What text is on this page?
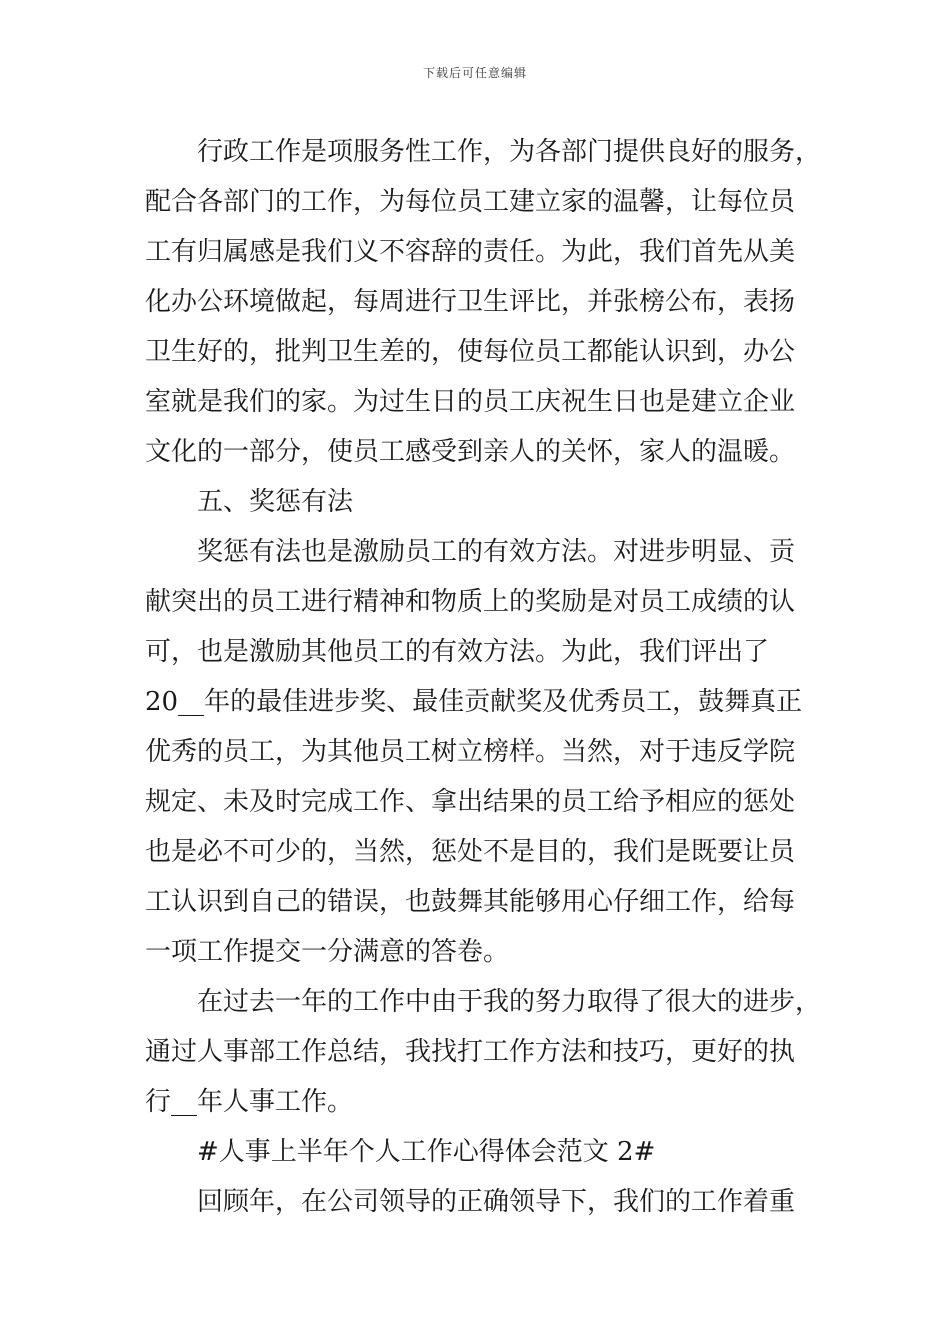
下载后可任意编辑
行政工作是项服务性工作，为各部门提供良好的服务，
配合各部门的工作，为每位员工建立家的温馨，让每位员
工有归属感是我们义不容辞的责任。为此，我们首先从美
化办公环境做起，每周进行卫生评比，并张榜公布，表扬
卫生好的，批判卫生差的，使每位员工都能认识到，办公
室就是我们的家。为过生日的员工庆祝生日也是建立企业
文化的一部分，使员工感受到亲人的关怀，家人的温暖。
五、奖惩有法
奖惩有法也是激励员工的有效方法。对进步明显、贡
献突出的员工进行精神和物质上的奖励是对员工成绩的认
可，也是激励其他员工的有效方法。为此，我们评出了
20__年的最佳进步奖、最佳贡献奖及优秀员工，鼓舞真正
优秀的员工，为其他员工树立榜样。当然，对于违反学院
规定、未及时完成工作、拿出结果的员工给予相应的惩处
也是必不可少的，当然，惩处不是目的，我们是既要让员
工认识到自己的错误，也鼓舞其能够用心仔细工作，给每
一项工作提交一分满意的答卷。
在过去一年的工作中由于我的努力取得了很大的进步，
通过人事部工作总结，我找打工作方法和技巧，更好的执
行__年人事工作。
#人事上半年个人工作心得体会范文 2#
回顾年，在公司领导的正确领导下，我们的工作着重
